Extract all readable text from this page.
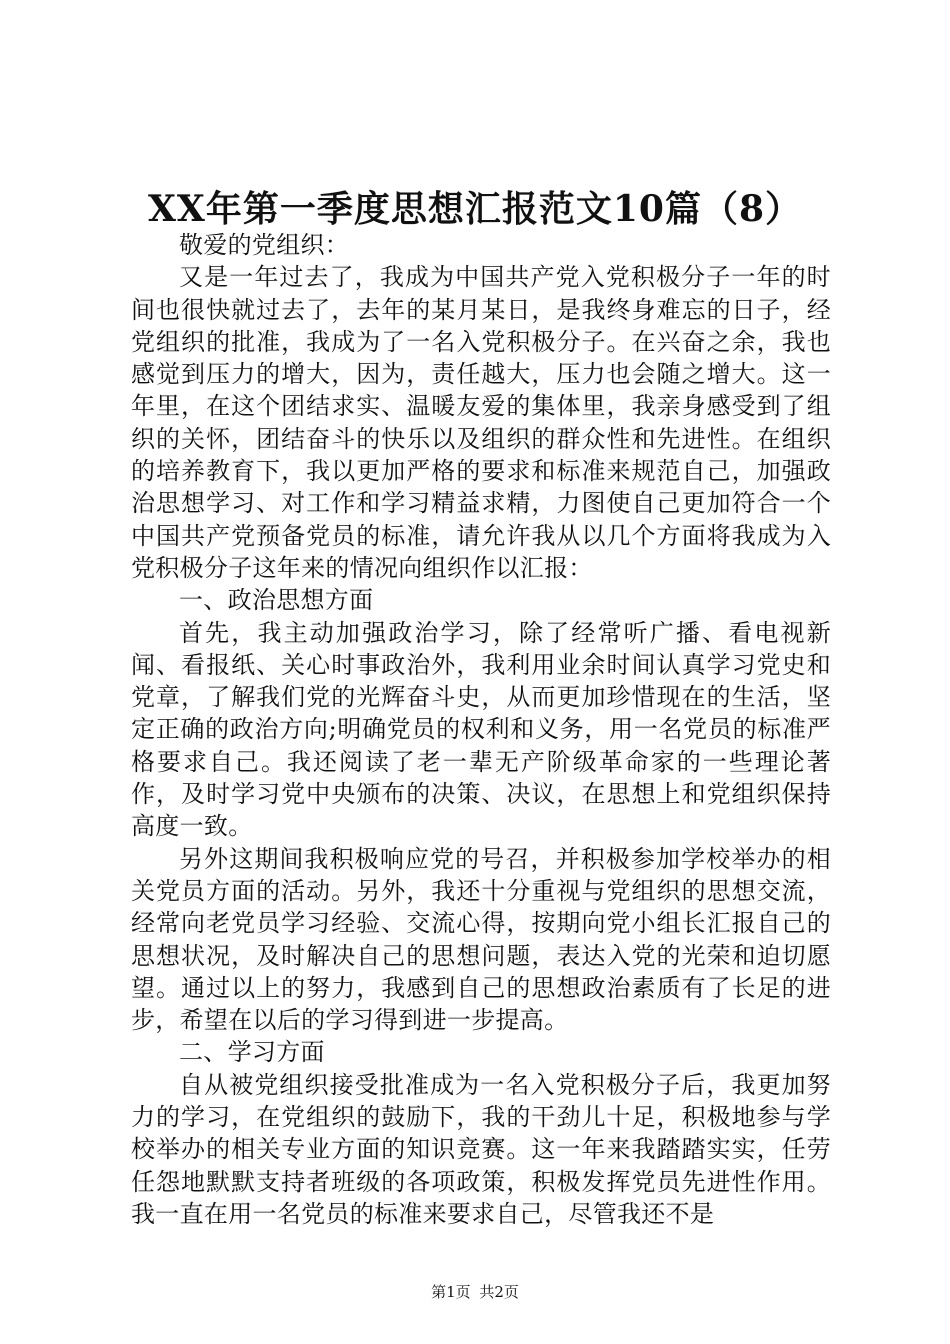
XX年第一季度思想汇报范文10篇（8）

敬爱的党组织：

又是一年过去了，我成为中国共产党入党积极分子一年的时间也很快就过去了，去年的某月某日，是我终身难忘的日子，经党组织的批准，我成为了一名入党积极分子。在兴奋之余，我也感觉到压力的增大，因为，责任越大，压力也会随之增大。这一年里，在这个团结求实、温暖友爱的集体里，我亲身感受到了组织的关怀，团结奋斗的快乐以及组织的群众性和先进性。在组织的培养教育下，我以更加严格的要求和标准来规范自己，加强政治思想学习、对工作和学习精益求精，力图使自己更加符合一个中国共产党预备党员的标准，请允许我从以几个方面将我成为入党积极分子这年来的情况向组织作以汇报：

一、政治思想方面

首先，我主动加强政治学习，除了经常听广播、看电视新闻、看报纸、关心时事政治外，我利用业余时间认真学习党史和党章，了解我们党的光辉奋斗史，从而更加珍惜现在的生活，坚定正确的政治方向;明确党员的权利和义务，用一名党员的标准严格要求自己。我还阅读了老一辈无产阶级革命家的一些理论著作，及时学习党中央颁布的决策、决议，在思想上和党组织保持高度一致。

另外这期间我积极响应党的号召，并积极参加学校举办的相关党员方面的活动。另外，我还十分重视与党组织的思想交流，经常向老党员学习经验、交流心得，按期向党小组长汇报自己的思想状况，及时解决自己的思想问题，表达入党的光荣和迫切愿望。通过以上的努力，我感到自己的思想政治素质有了长足的进步，希望在以后的学习得到进一步提高。

二、学习方面

自从被党组织接受批准成为一名入党积极分子后，我更加努力的学习，在党组织的鼓励下，我的干劲儿十足，积极地参与学校举办的相关专业方面的知识竞赛。这一年来我踏踏实实，任劳任怨地默默支持者班级的各项政策，积极发挥党员先进性作用。我一直在用一名党员的标准来要求自己，尽管我还不是

第1页 共2页
